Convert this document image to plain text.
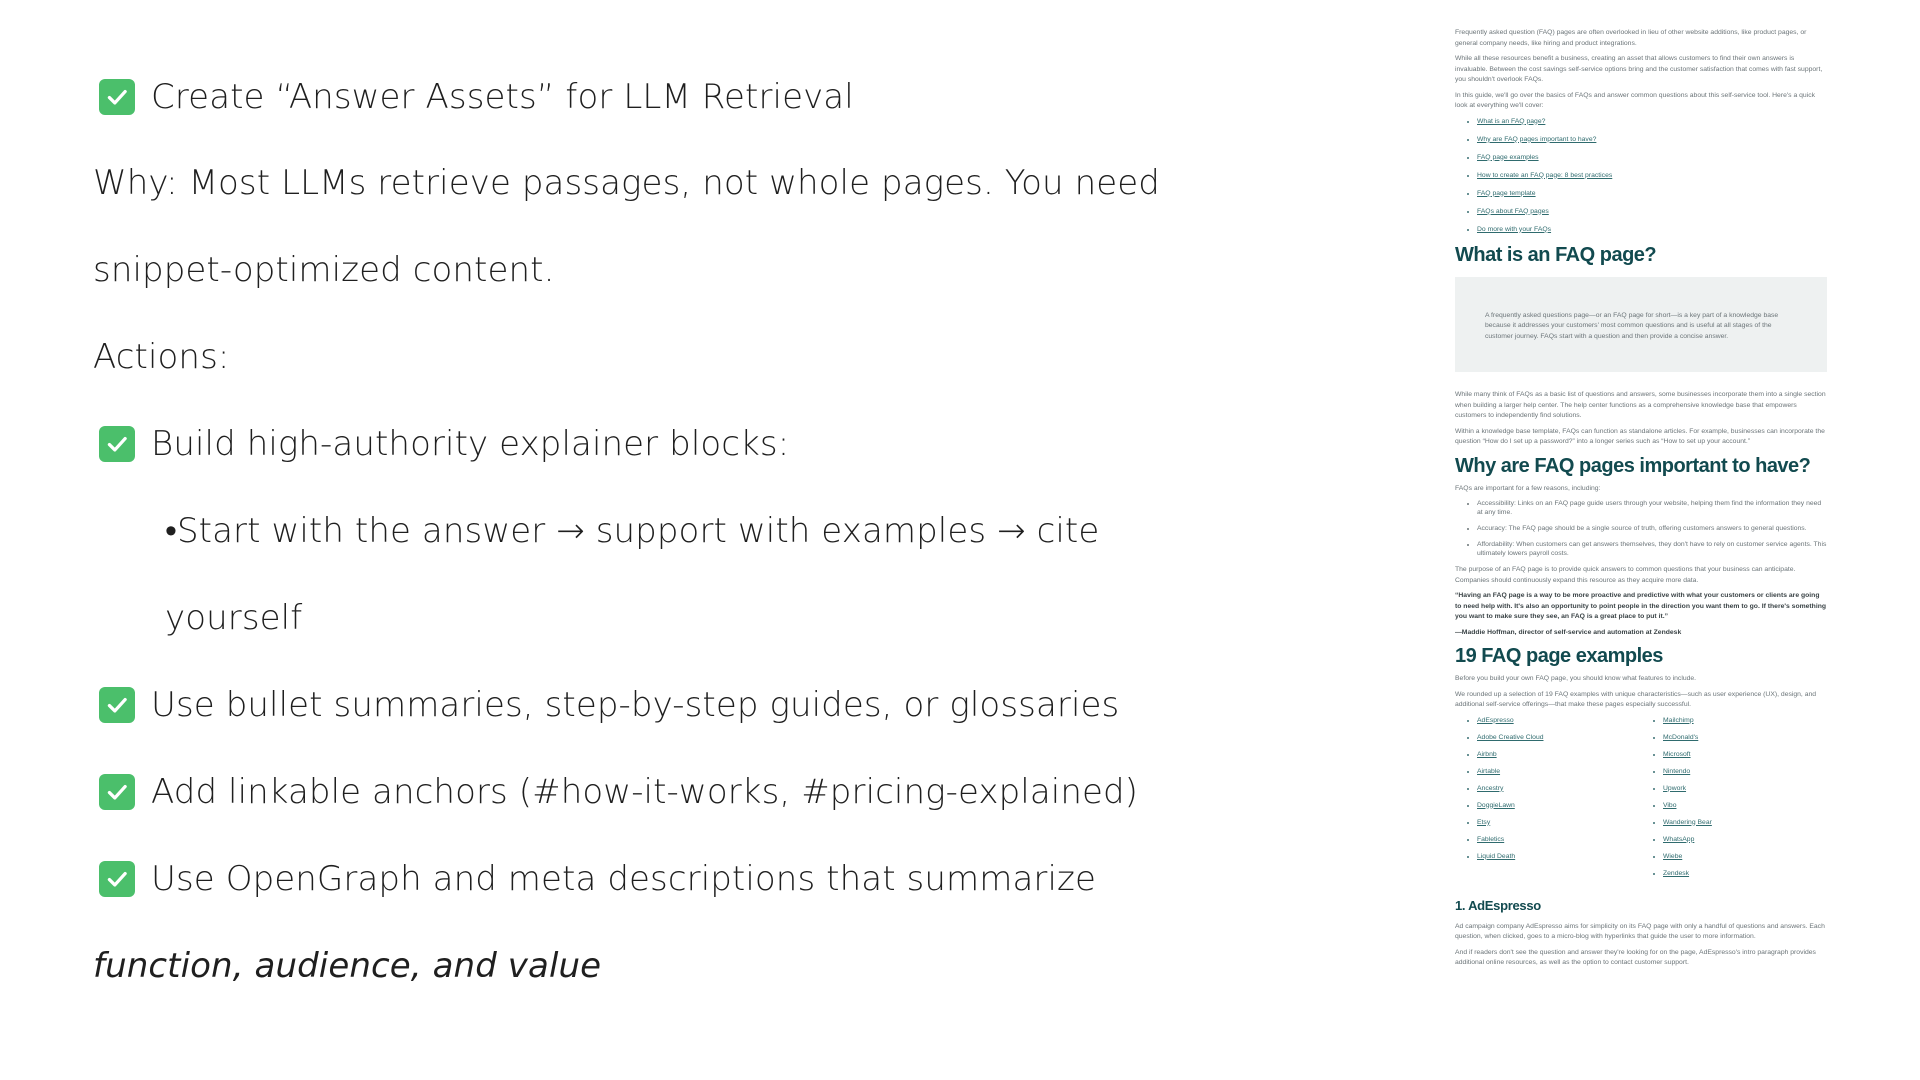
Create “Answer Assets” for LLM Retrieval
Why: Most LLMs retrieve passages, not whole pages. You need
snippet-optimized content.
Actions:
Build high-authority explainer blocks:
•Start with the answer → support with examples → cite
yourself
Use bullet summaries, step-by-step guides, or glossaries
Add linkable anchors (#how-it-works, #pricing-explained)
Use OpenGraph and meta descriptions that summarize
function, audience, and value

Frequently asked question (FAQ) pages are often overlooked in lieu of other website additions, like product pages, or general company needs, like hiring and product integrations.

While all these resources benefit a business, creating an asset that allows customers to find their own answers is invaluable. Between the cost savings self-service options bring and the customer satisfaction that comes with fast support, you shouldn't overlook FAQs.

In this guide, we'll go over the basics of FAQs and answer common questions about this self-service tool. Here's a quick look at everything we'll cover:

• What is an FAQ page?
• Why are FAQ pages important to have?
• FAQ page examples
• How to create an FAQ page: 8 best practices
• FAQ page template
• FAQs about FAQ pages
• Do more with your FAQs
What is an FAQ page?

A frequently asked questions page—or an FAQ page for short—is a key part of a knowledge base because it addresses your customers' most common questions and is useful at all stages of the customer journey. FAQs start with a question and then provide a concise answer.

While many think of FAQs as a basic list of questions and answers, some businesses incorporate them into a single section when building a larger help center. The help center functions as a comprehensive knowledge base that empowers customers to independently find solutions.

Within a knowledge base template, FAQs can function as standalone articles. For example, businesses can incorporate the question “How do I set up a password?” into a longer series such as “How to set up your account.”

Why are FAQ pages important to have?

FAQs are important for a few reasons, including:

• Accessibility: Links on an FAQ page guide users through your website, helping them find the information they need at any time.
• Accuracy: The FAQ page should be a single source of truth, offering customers answers to general questions.
• Affordability: When customers can get answers themselves, they don't have to rely on customer service agents. This ultimately lowers payroll costs.

The purpose of an FAQ page is to provide quick answers to common questions that your business can anticipate. Companies should continuously expand this resource as they acquire more data.

“Having an FAQ page is a way to be more proactive and predictive with what your customers or clients are going to need help with. It's also an opportunity to point people in the direction you want them to go. If there's something you want to make sure they see, an FAQ is a great place to put it.”

—Maddie Hoffman, director of self-service and automation at Zendesk

19 FAQ page examples

Before you build your own FAQ page, you should know what features to include.

We rounded up a selection of 19 FAQ examples with unique characteristics—such as user experience (UX), design, and additional self-service offerings—that make these pages especially successful.

• AdEspresso
• Adobe Creative Cloud
• Airbnb
• Airtable
• Ancestry
• DoggieLawn
• Etsy
• Fabletics
• Liquid Death
• Mailchimp
• McDonald's
• Microsoft
• Nintendo
• Upwork
• Vibo
• Wandering Bear
• WhatsApp
• Wiebe
• Zendesk
1. AdEspresso

Ad campaign company AdEspresso aims for simplicity on its FAQ page with only a handful of questions and answers. Each question, when clicked, goes to a micro-blog with hyperlinks that guide the user to more information.

And if readers don't see the question and answer they're looking for on the page, AdEspresso's intro paragraph provides additional online resources, as well as the option to contact customer support.
